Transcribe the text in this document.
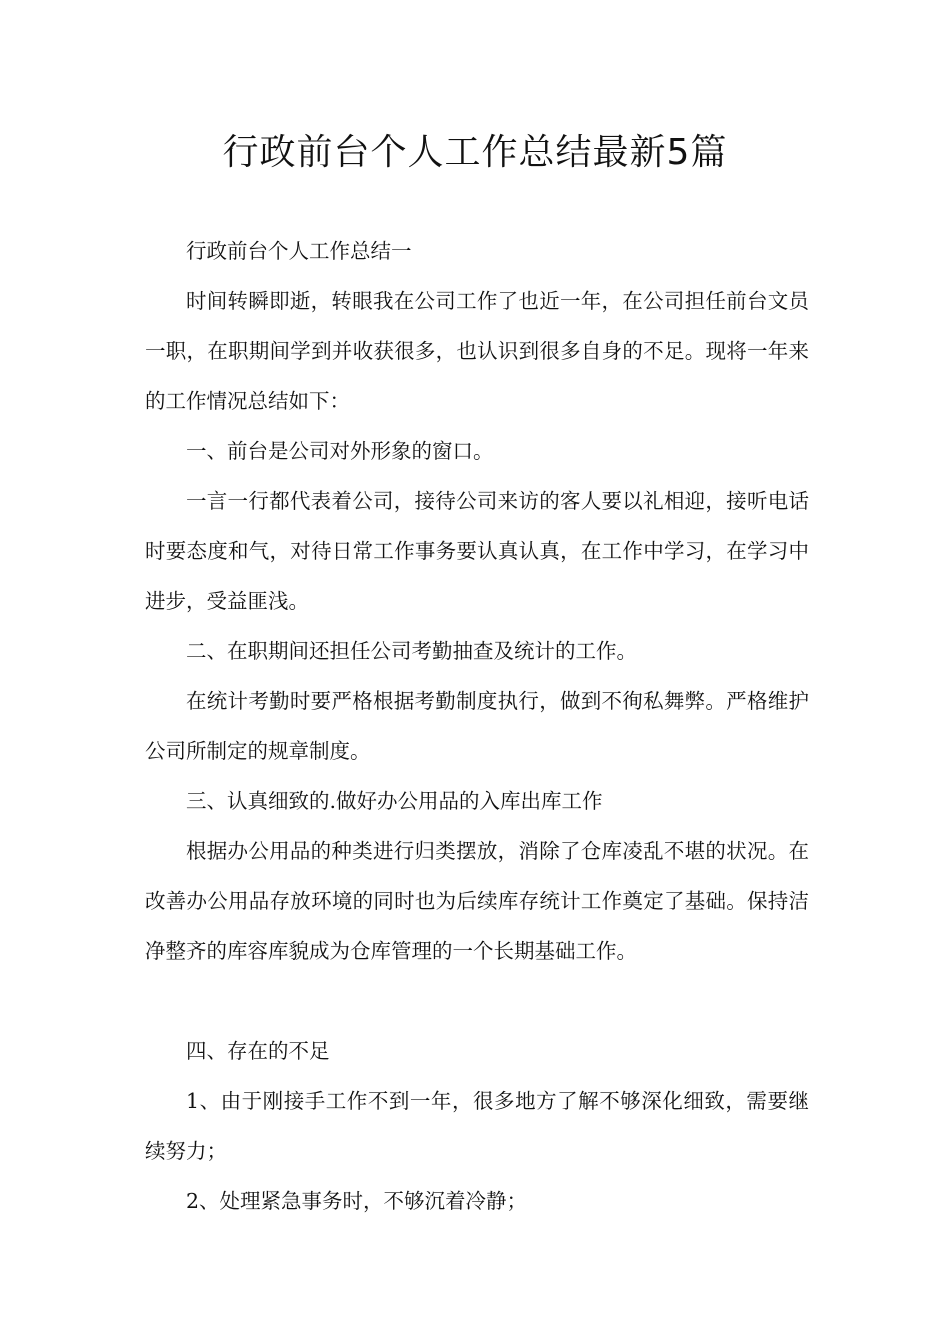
行政前台个人工作总结最新5篇

行政前台个人工作总结一

时间转瞬即逝，转眼我在公司工作了也近一年，在公司担任前台文员一职，在职期间学到并收获很多，也认识到很多自身的不足。现将一年来的工作情况总结如下：

一、前台是公司对外形象的窗口。

一言一行都代表着公司，接待公司来访的客人要以礼相迎，接听电话时要态度和气，对待日常工作事务要认真认真，在工作中学习，在学习中进步，受益匪浅。

二、在职期间还担任公司考勤抽查及统计的工作。

在统计考勤时要严格根据考勤制度执行，做到不徇私舞弊。严格维护公司所制定的规章制度。

三、认真细致的.做好办公用品的入库出库工作

根据办公用品的种类进行归类摆放，消除了仓库凌乱不堪的状况。在改善办公用品存放环境的同时也为后续库存统计工作奠定了基础。保持洁净整齐的库容库貌成为仓库管理的一个长期基础工作。

四、存在的不足

1、由于刚接手工作不到一年，很多地方了解不够深化细致，需要继续努力；

2、处理紧急事务时，不够沉着冷静；
